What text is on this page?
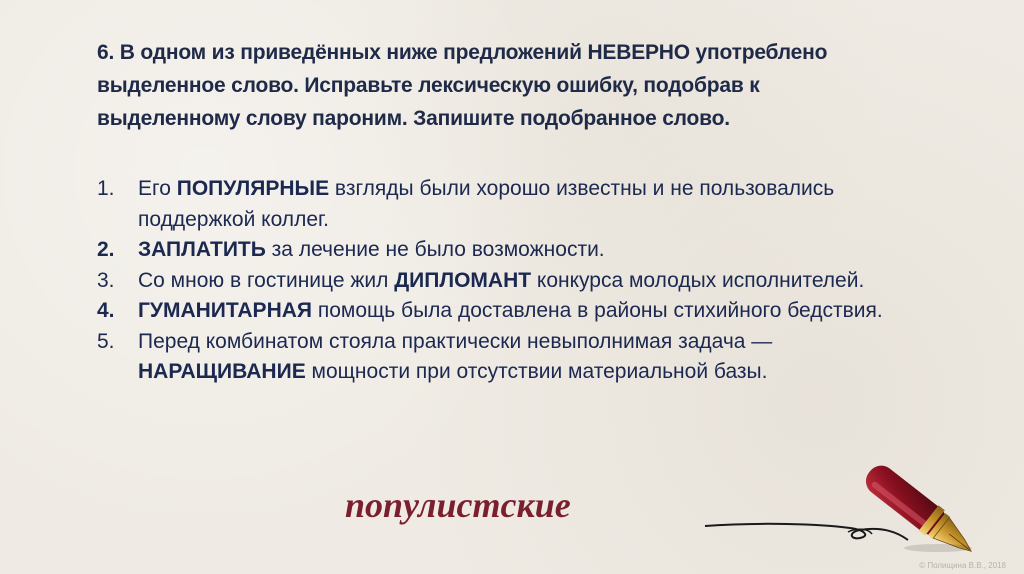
6. В одном из приведённых ниже предложений НЕВЕРНО употреблено выделенное слово. Исправьте лексическую ошибку, подобрав к выделенному слову пароним. Запишите подобранное слово.
1. Его ПОПУЛЯРНЫЕ взгляды были хорошо известны и не пользовались поддержкой коллег.
2. ЗАПЛАТИТЬ за лечение не было возможности.
3. Со мною в гостинице жил ДИПЛОМАНТ конкурса молодых исполнителей.
4. ГУМАНИТАРНАЯ помощь была доставлена в районы стихийного бедствия.
5. Перед комбинатом стояла практически невыполнимая задача — НАРАЩИВАНИЕ мощности при отсутствии материальной базы.
популистские
© Полищина В.В., 2018
